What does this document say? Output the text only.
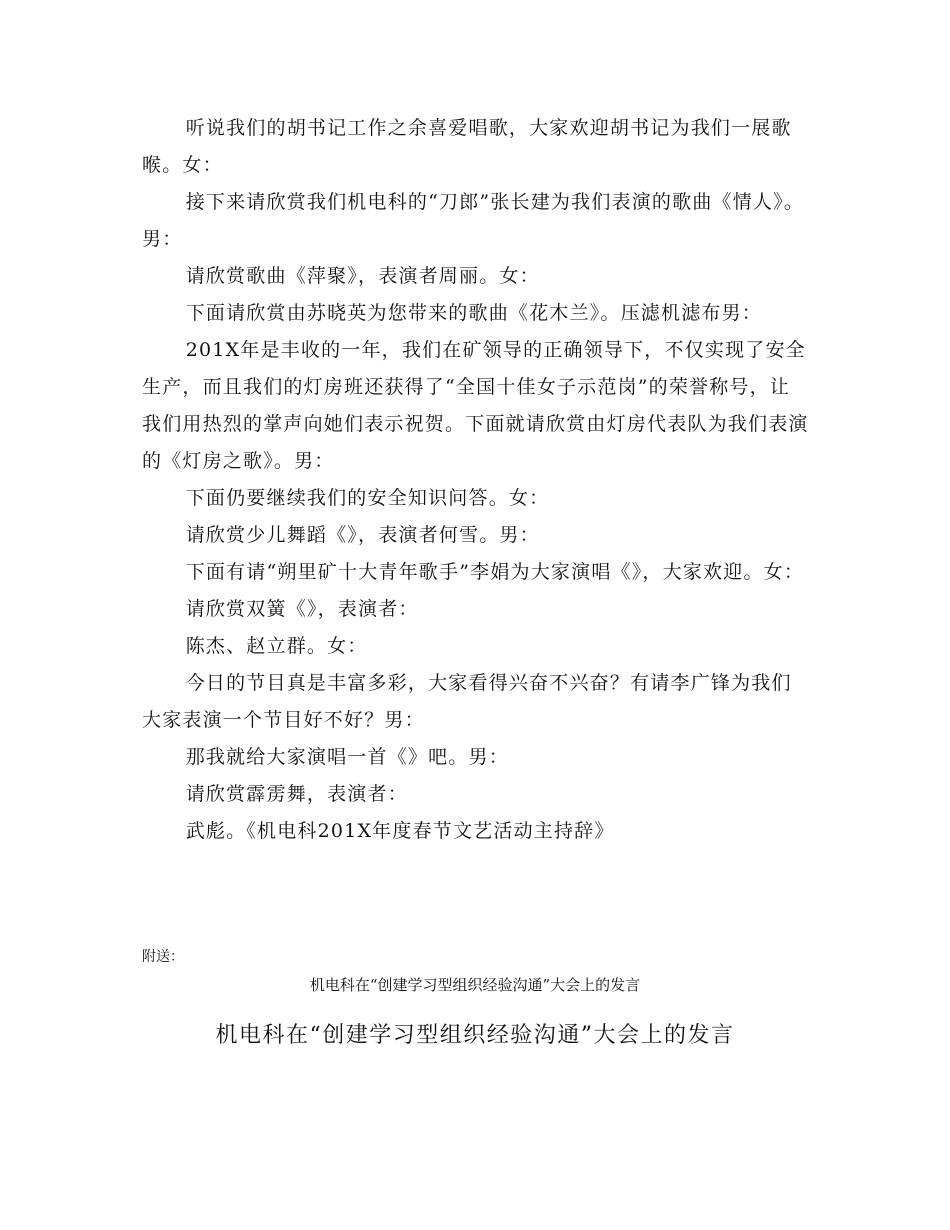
听说我们的胡书记工作之余喜爱唱歌，大家欢迎胡书记为我们一展歌喉。女：

接下来请欣赏我们机电科的“刀郎”张长建为我们表演的歌曲《情人》。男：

请欣赏歌曲《萍聚》，表演者周丽。女：

下面请欣赏由苏晓英为您带来的歌曲《花木兰》。压滤机滤布男：

201X年是丰收的一年，我们在矿领导的正确领导下，不仅实现了安全生产，而且我们的灯房班还获得了“全国十佳女子示范岗”的荣誉称号，让我们用热烈的掌声向她们表示祝贺。下面就请欣赏由灯房代表队为我们表演的《灯房之歌》。男：

下面仍要继续我们的安全知识问答。女：

请欣赏少儿舞蹈《》，表演者何雪。男：

下面有请“朔里矿十大青年歌手”李娟为大家演唱《》，大家欢迎。女：

请欣赏双簧《》，表演者：

陈杰、赵立群。女：

今日的节目真是丰富多彩，大家看得兴奋不兴奋？有请李广锋为我们大家表演一个节目好不好？男：

那我就给大家演唱一首《》吧。男：

请欣赏霹雳舞，表演者：

武彪。《机电科201X年度春节文艺活动主持辞》

附送：
机电科在“创建学习型组织经验沟通”大会上的发言
机电科在“创建学习型组织经验沟通”大会上的发言
